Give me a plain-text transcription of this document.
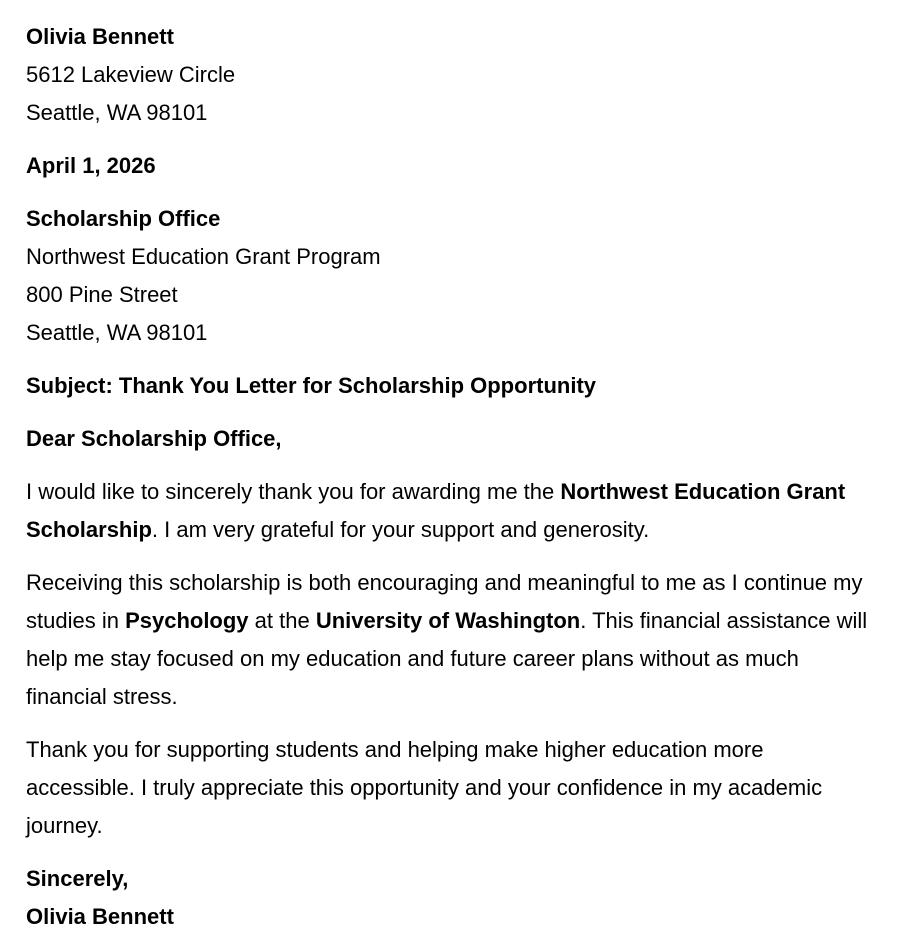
Olivia Bennett

5612 Lakeview Circle

Seattle, WA 98101

April 1, 2026

Scholarship Office

Northwest Education Grant Program

800 Pine Street

Seattle, WA 98101

Subject: Thank You Letter for Scholarship Opportunity

Dear Scholarship Office,

I would like to sincerely thank you for awarding me the Northwest Education Grant Scholarship. I am very grateful for your support and generosity.

Receiving this scholarship is both encouraging and meaningful to me as I continue my studies in Psychology at the University of Washington. This financial assistance will help me stay focused on my education and future career plans without as much financial stress.

Thank you for supporting students and helping make higher education more accessible. I truly appreciate this opportunity and your confidence in my academic journey.

Sincerely,

Olivia Bennett
